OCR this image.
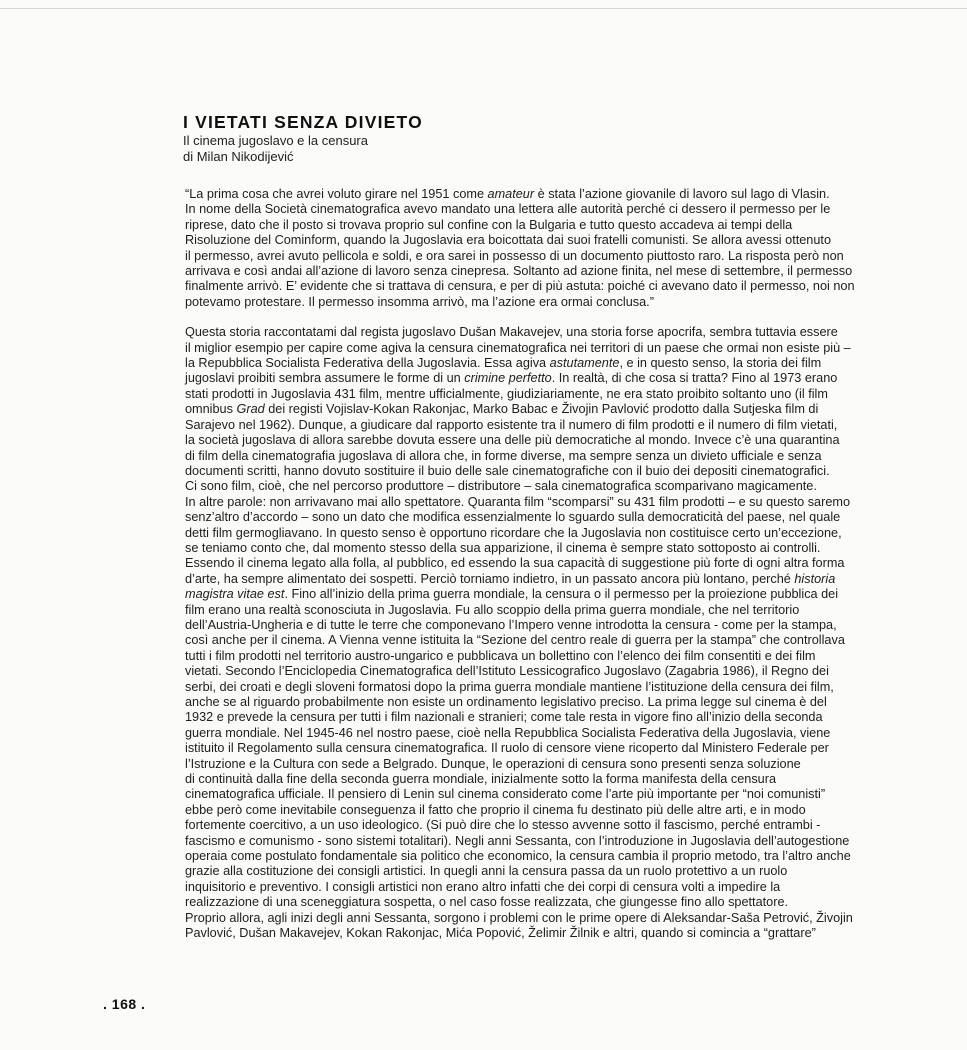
I VIETATI SENZA DIVIETO
Il cinema jugoslavo e la censura
di Milan Nikodijević
“La prima cosa che avrei voluto girare nel 1951 come amateur è stata l’azione giovanile di lavoro sul lago di Vlasin.
In nome della Società cinematografica avevo mandato una lettera alle autorità perché ci dessero il permesso per le
riprese, dato che il posto si trovava proprio sul confine con la Bulgaria e tutto questo accadeva ai tempi della
Risoluzione del Cominform, quando la Jugoslavia era boicottata dai suoi fratelli comunisti. Se allora avessi ottenuto
il permesso, avrei avuto pellicola e soldi, e ora sarei in possesso di un documento piuttosto raro. La risposta però non
arrivava e così andai all’azione di lavoro senza cinepresa. Soltanto ad azione finita, nel mese di settembre, il permesso
finalmente arrivò. E’ evidente che si trattava di censura, e per di più astuta: poiché ci avevano dato il permesso, noi non
potevamo protestare. Il permesso insomma arrivò, ma l’azione era ormai conclusa.”
Questa storia raccontatami dal regista jugoslavo Dušan Makavejev, una storia forse apocrifa, sembra tuttavia essere
il miglior esempio per capire come agiva la censura cinematografica nei territori di un paese che ormai non esiste più –
la Repubblica Socialista Federativa della Jugoslavia. Essa agiva astutamente, e in questo senso, la storia dei film
jugoslavi proibiti sembra assumere le forme di un crimine perfetto. In realtà, di che cosa si tratta? Fino al 1973 erano
stati prodotti in Jugoslavia 431 film, mentre ufficialmente, giudiziariamente, ne era stato proibito soltanto uno (il film
omnibus Grad dei registi Vojislav-Kokan Rakonjac, Marko Babac e Živojin Pavlović prodotto dalla Sutjeska film di
Sarajevo nel 1962). Dunque, a giudicare dal rapporto esistente tra il numero di film prodotti e il numero di film vietati,
la società jugoslava di allora sarebbe dovuta essere una delle più democratiche al mondo. Invece c’è una quarantina
di film della cinematografia jugoslava di allora che, in forme diverse, ma sempre senza un divieto ufficiale e senza
documenti scritti, hanno dovuto sostituire il buio delle sale cinematografiche con il buio dei depositi cinematografici.
Ci sono film, cioè, che nel percorso produttore – distributore – sala cinematografica scomparivano magicamente.
In altre parole: non arrivavano mai allo spettatore. Quaranta film “scomparsi” su 431 film prodotti – e su questo saremo
senz’altro d’accordo – sono un dato che modifica essenzialmente lo sguardo sulla democraticità del paese, nel quale
detti film germogliavano. In questo senso è opportuno ricordare che la Jugoslavia non costituisce certo un’eccezione,
se teniamo conto che, dal momento stesso della sua apparizione, il cinema è sempre stato sottoposto ai controlli.
Essendo il cinema legato alla folla, al pubblico, ed essendo la sua capacità di suggestione più forte di ogni altra forma
d’arte, ha sempre alimentato dei sospetti. Perciò torniamo indietro, in un passato ancora più lontano, perché historia
magistra vitae est. Fino all’inizio della prima guerra mondiale, la censura o il permesso per la proiezione pubblica dei
film erano una realtà sconosciuta in Jugoslavia. Fu allo scoppio della prima guerra mondiale, che nel territorio
dell’Austria-Ungheria e di tutte le terre che componevano l’Impero venne introdotta la censura - come per la stampa,
così anche per il cinema. A Vienna venne istituita la “Sezione del centro reale di guerra per la stampa” che controllava
tutti i film prodotti nel territorio austro-ungarico e pubblicava un bollettino con l’elenco dei film consentiti e dei film
vietati. Secondo l’Enciclopedia Cinematografica dell’Istituto Lessicografico Jugoslavo (Zagabria 1986), il Regno dei
serbi, dei croati e degli sloveni formatosi dopo la prima guerra mondiale mantiene l’istituzione della censura dei film,
anche se al riguardo probabilmente non esiste un ordinamento legislativo preciso. La prima legge sul cinema è del
1932 e prevede la censura per tutti i film nazionali e stranieri; come tale resta in vigore fino all’inizio della seconda
guerra mondiale. Nel 1945-46 nel nostro paese, cioè nella Repubblica Socialista Federativa della Jugoslavia, viene
istituito il Regolamento sulla censura cinematografica. Il ruolo di censore viene ricoperto dal Ministero Federale per
l’Istruzione e la Cultura con sede a Belgrado. Dunque, le operazioni di censura sono presenti senza soluzione
di continuità dalla fine della seconda guerra mondiale, inizialmente sotto la forma manifesta della censura
cinematografica ufficiale. Il pensiero di Lenin sul cinema considerato come l’arte più importante per “noi comunisti”
ebbe però come inevitabile conseguenza il fatto che proprio il cinema fu destinato più delle altre arti, e in modo
fortemente coercitivo, a un uso ideologico. (Si può dire che lo stesso avvenne sotto il fascismo, perché entrambi -
fascismo e comunismo - sono sistemi totalitari). Negli anni Sessanta, con l’introduzione in Jugoslavia dell’autogestione
operaia come postulato fondamentale sia politico che economico, la censura cambia il proprio metodo, tra l’altro anche
grazie alla costituzione dei consigli artistici. In quegli anni la censura passa da un ruolo protettivo a un ruolo
inquisitorio e preventivo. I consigli artistici non erano altro infatti che dei corpi di censura volti a impedire la
realizzazione di una sceneggiatura sospetta, o nel caso fosse realizzata, che giungesse fino allo spettatore.
Proprio allora, agli inizi degli anni Sessanta, sorgono i problemi con le prime opere di Aleksandar-Saša Petrović, Živojin
Pavlović, Dušan Makavejev, Kokan Rakonjac, Mića Popović, Želimir Žilnik e altri, quando si comincia a “grattare”
. 168 .
